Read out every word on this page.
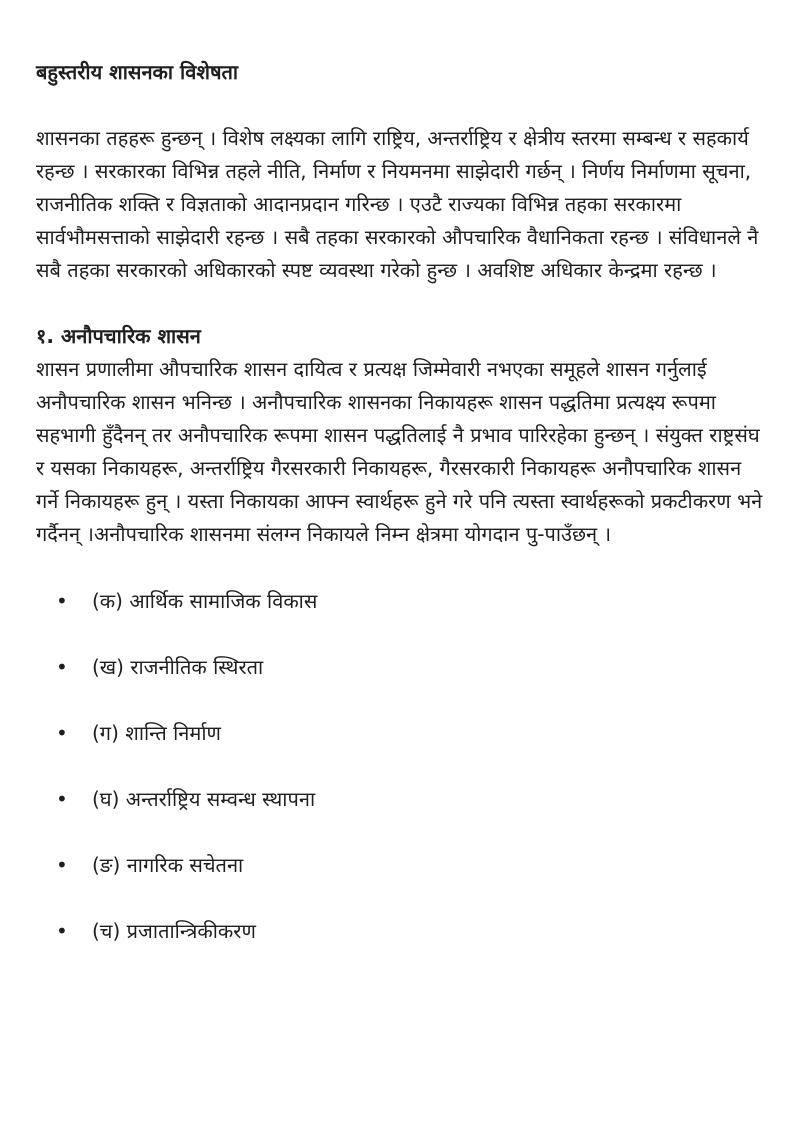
बहुस्तरीय शासनका विशेषता

शासनका तहहरू हुन्छन् । विशेष लक्ष्यका लागि राष्ट्रिय, अन्तर्राष्ट्रिय र क्षेत्रीय स्तरमा सम्बन्ध र सहकार्य रहन्छ । सरकारका विभिन्न तहले नीति, निर्माण र नियमनमा साझेदारी गर्छन् । निर्णय निर्माणमा सूचना, राजनीतिक शक्ति र विज्ञताको आदानप्रदान गरिन्छ । एउटै राज्यका विभिन्न तहका सरकारमा सार्वभौमसत्ताको साझेदारी रहन्छ । सबै तहका सरकारको औपचारिक वैधानिकता रहन्छ । संविधानले नै सबै तहका सरकारको अधिकारको स्पष्ट व्यवस्था गरेको हुन्छ । अवशिष्ट अधिकार केन्द्रमा रहन्छ ।

१. अनौपचारिक शासन

शासन प्रणालीमा औपचारिक शासन दायित्व र प्रत्यक्ष जिम्मेवारी नभएका समूहले शासन गर्नुलाई अनौपचारिक शासन भनिन्छ । अनौपचारिक शासनका निकायहरू शासन पद्धतिमा प्रत्यक्ष्य रूपमा सहभागी हुँदैनन् तर अनौपचारिक रूपमा शासन पद्धतिलाई नै प्रभाव पारिरहेका हुन्छन् । संयुक्त राष्ट्रसंघ र यसका निकायहरू, अन्तर्राष्ट्रिय गैरसरकारी निकायहरू, गैरसरकारी निकायहरू अनौपचारिक शासन गर्ने निकायहरू हुन् । यस्ता निकायका आफ्न स्वार्थहरू हुने गरे पनि त्यस्ता स्वार्थहरूको प्रकटीकरण भने गर्दैनन् ।अनौपचारिक शासनमा संलग्न निकायले निम्न क्षेत्रमा योगदान पु-पाउँछन् ।

• (क) आर्थिक सामाजिक विकास
• (ख) राजनीतिक स्थिरता
• (ग) शान्ति निर्माण
• (घ) अन्तर्राष्ट्रिय सम्वन्ध स्थापना
• (ङ) नागरिक सचेतना
• (च) प्रजातान्त्रिकीकरण
